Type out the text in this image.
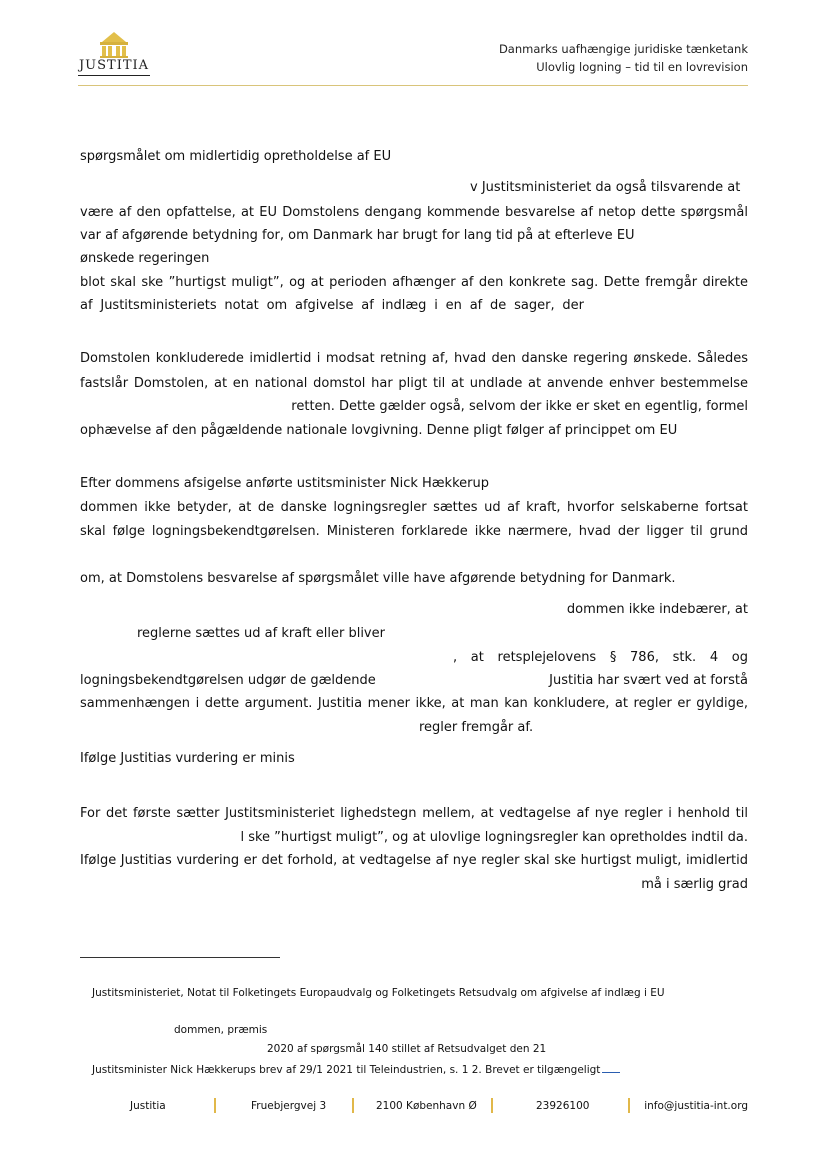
JUSTITIA
Danmarks uafhængige juridiske tænketank
Ulovlig logning – tid til en lovrevision
spørgsmålet om midlertidig opretholdelse af EU
v Justitsministeriet da også tilsvarende at
være af den opfattelse, at EU Domstolens dengang kommende besvarelse af netop dette spørgsmål
var af afgørende betydning for, om Danmark har brugt for lang tid på at efterleve EU
ønskede regeringen
blot skal ske ”hurtigst muligt”, og at perioden afhænger af den konkrete sag. Dette fremgår direkte
af Justitsministeriets notat om afgivelse af indlæg i en af de sager, der
Domstolen konkluderede imidlertid i modsat retning af, hvad den danske regering ønskede. Således
fastslår Domstolen, at en national domstol har pligt til at undlade at anvende enhver bestemmelse
retten. Dette gælder også, selvom der ikke er sket en egentlig, formel
ophævelse af den pågældende nationale lovgivning. Denne pligt følger af princippet om EU
Efter dommens afsigelse anførte ustitsminister Nick Hækkerup
dommen ikke betyder, at de danske logningsregler sættes ud af kraft, hvorfor selskaberne fortsat
skal følge logningsbekendtgørelsen. Ministeren forklarede ikke nærmere, hvad der ligger til grund
om, at Domstolens besvarelse af spørgsmålet ville have afgørende betydning for Danmark.
dommen ikke indebærer, at
reglerne sættes ud af kraft eller bliver
, at retsplejelovens § 786, stk. 4 og
logningsbekendtgørelsen udgør de gældende	Justitia har svært ved at forstå
sammenhængen i dette argument. Justitia mener ikke, at man kan konkludere, at regler er gyldige,
regler fremgår af.
Ifølge Justitias vurdering er minis
For det første sætter Justitsministeriet lighedstegn mellem, at vedtagelse af nye regler i henhold til
l ske ”hurtigst muligt”, og at ulovlige logningsregler kan opretholdes indtil da.
Ifølge Justitias vurdering er det forhold, at vedtagelse af nye regler skal ske hurtigst muligt, imidlertid
må i særlig grad
Justitsministeriet, Notat til Folketingets Europaudvalg og Folketingets Retsudvalg om afgivelse af indlæg i EU
dommen, præmis
2020 af spørgsmål 140 stillet af Retsudvalget den 21
Justitsminister Nick Hækkerups brev af 29/1 2021 til Teleindustrien, s. 1 2. Brevet er tilgængeligt
Justitia	Fruebjergvej 3	2100 København Ø	23926100	info@justitia-int.org
